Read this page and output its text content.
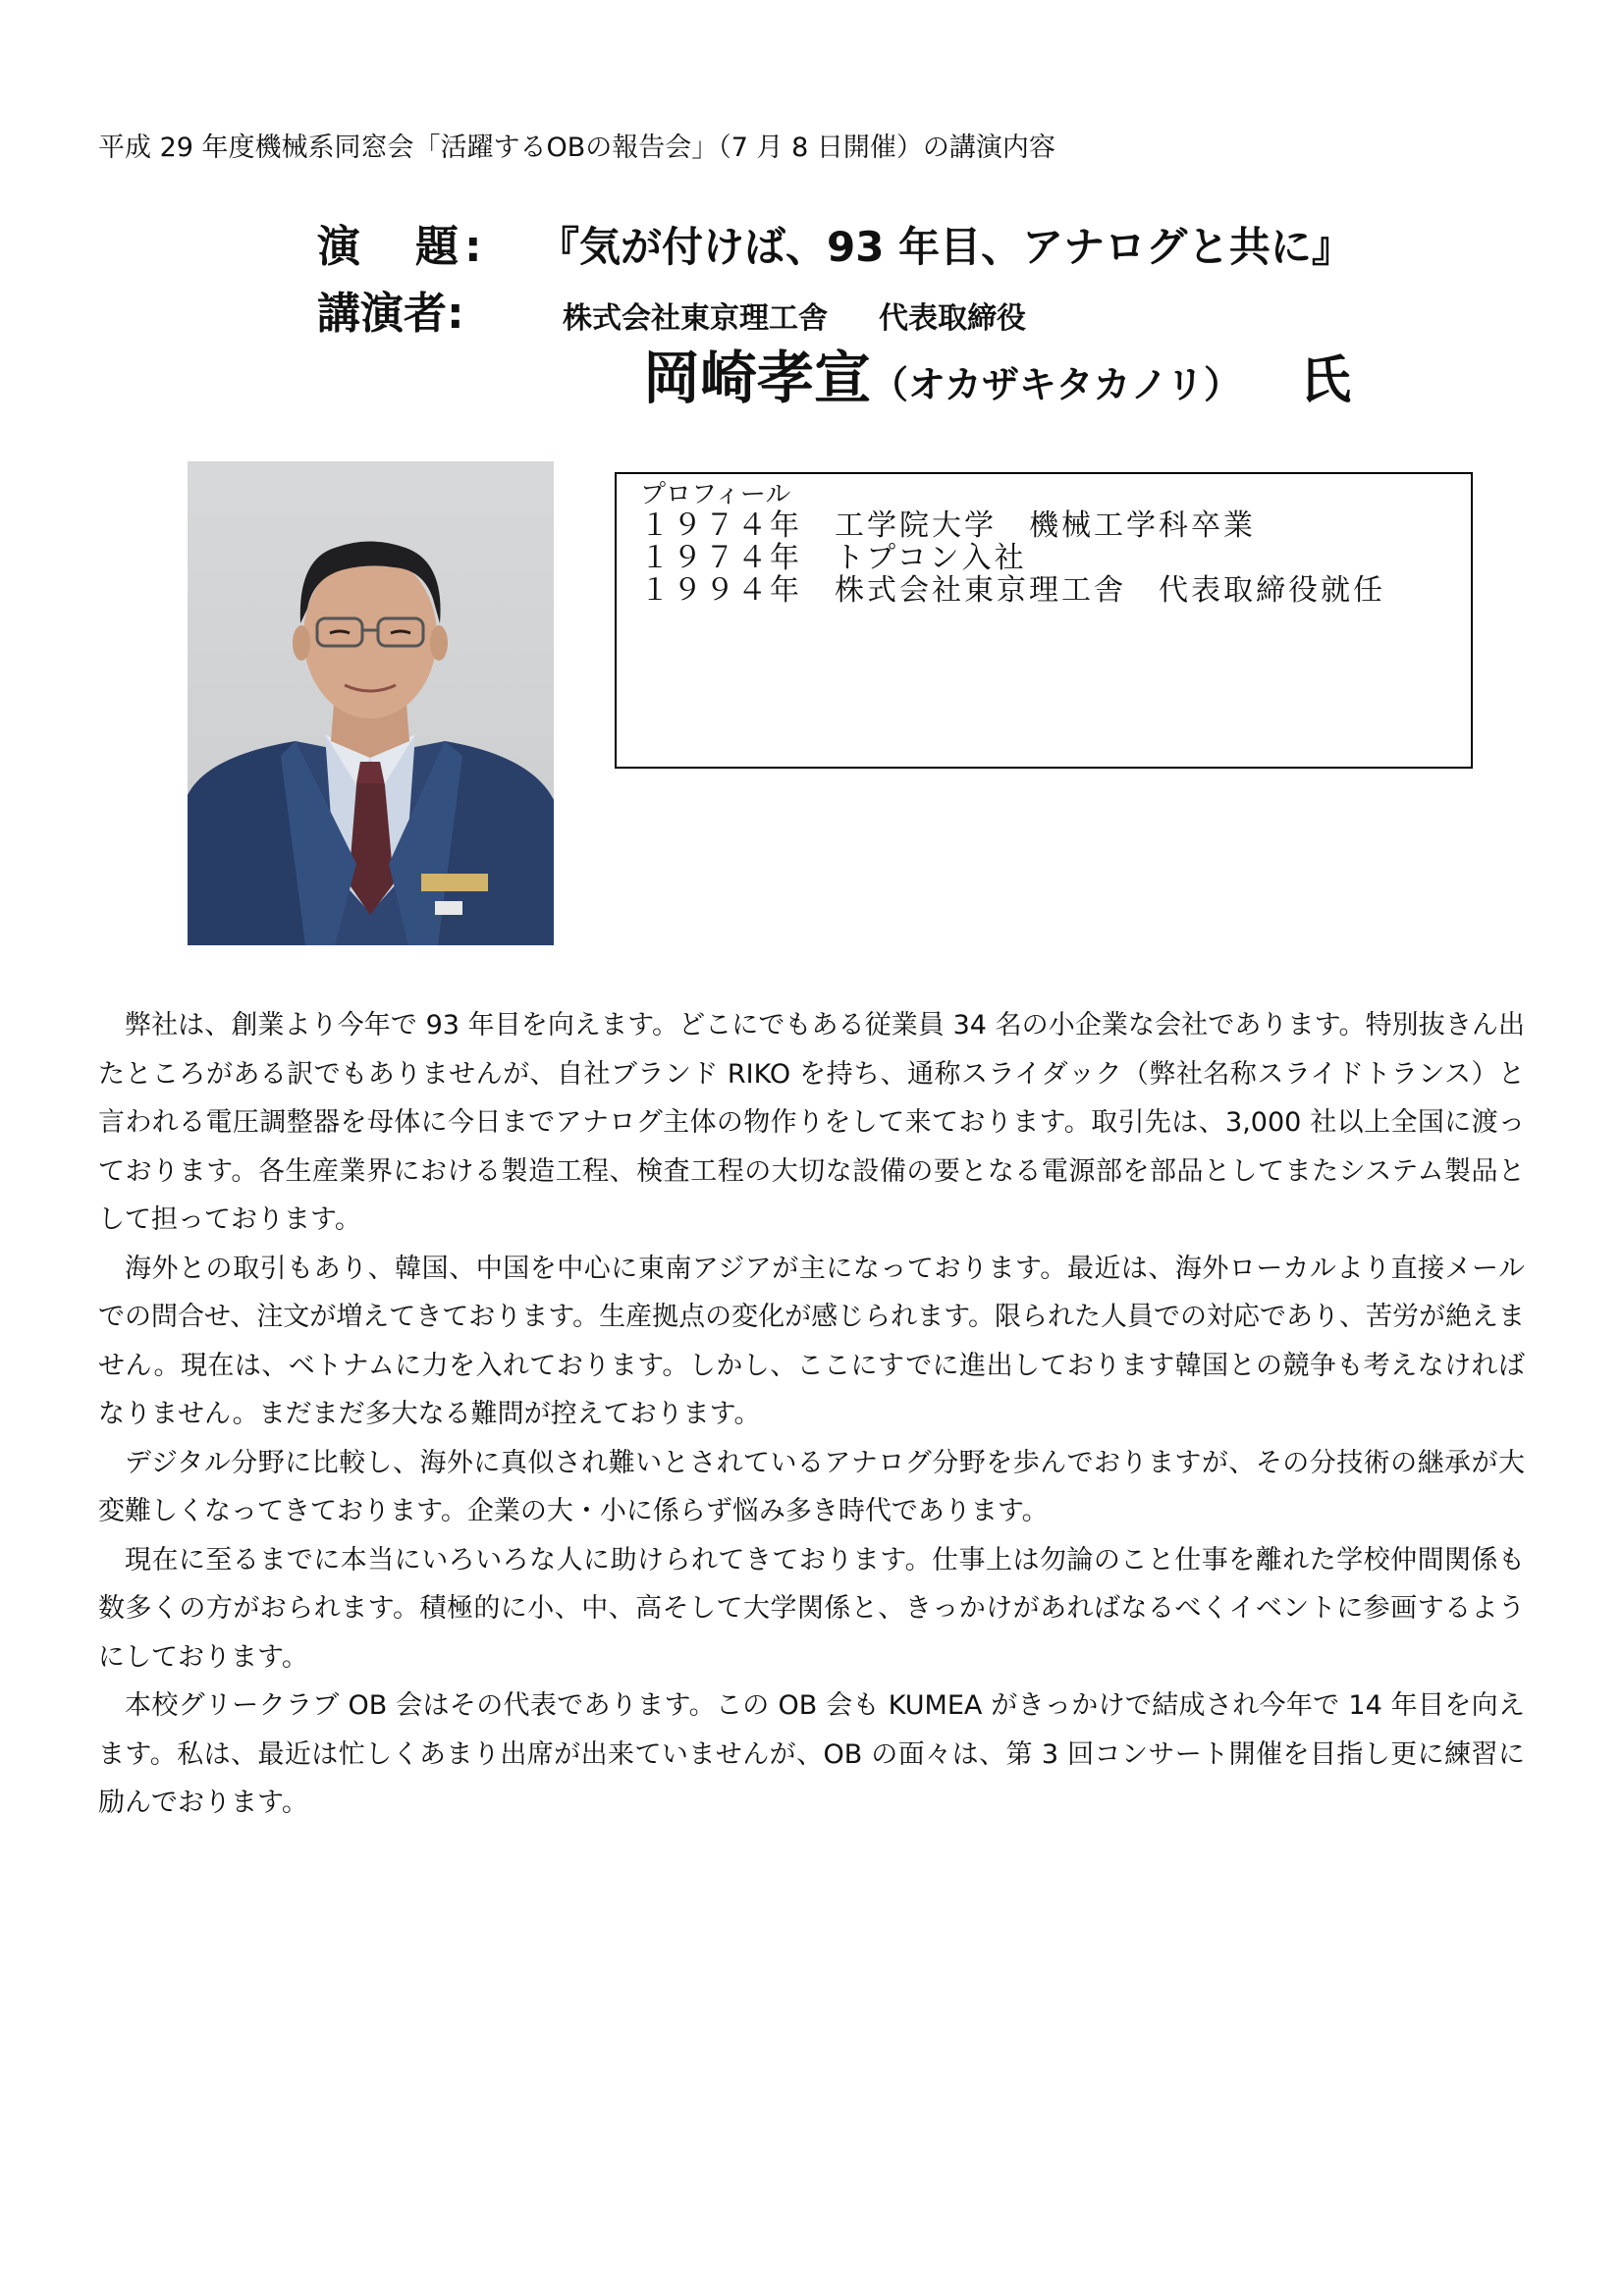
平成 29 年度機械系同窓会「活躍するOBの報告会」（7 月 8 日開催）の講演内容
演　題:	『気が付けば、93 年目、アナログと共に』
講演者:	株式会社東京理工舎 代表取締役
岡崎孝宣 （オカザキタカノリ） 氏
プロフィール
１９７４年　工学院大学　機械工学科卒業
１９７４年　トプコン入社
１９９４年　株式会社東京理工舎　代表取締役就任

弊社は、創業より今年で 93 年目を向えます。どこにでもある従業員 34 名の小企業な会社であります。特別抜きん出たところがある訳でもありませんが、自社ブランド RIKO を持ち、通称スライダック（弊社名称スライドトランス）と言われる電圧調整器を母体に今日までアナログ主体の物作りをして来ております。取引先は、3,000 社以上全国に渡っております。各生産業界における製造工程、検査工程の大切な設備の要となる電源部を部品としてまたシステム製品として担っております。

海外との取引もあり、韓国、中国を中心に東南アジアが主になっております。最近は、海外ローカルより直接メールでの問合せ、注文が増えてきております。生産拠点の変化が感じられます。限られた人員での対応であり、苦労が絶えません。現在は、ベトナムに力を入れております。しかし、ここにすでに進出しております韓国との競争も考えなければなりません。まだまだ多大なる難問が控えております。

デジタル分野に比較し、海外に真似され難いとされているアナログ分野を歩んでおりますが、その分技術の継承が大変難しくなってきております。企業の大・小に係らず悩み多き時代であります。

現在に至るまでに本当にいろいろな人に助けられてきております。仕事上は勿論のこと仕事を離れた学校仲間関係も数多くの方がおられます。積極的に小、中、高そして大学関係と、きっかけがあればなるべくイベントに参画するようにしております。

本校グリークラブ OB 会はその代表であります。この OB 会も KUMEA がきっかけで結成され今年で 14 年目を向えます。私は、最近は忙しくあまり出席が出来ていませんが、OB の面々は、第 3 回コンサート開催を目指し更に練習に励んでおります。
